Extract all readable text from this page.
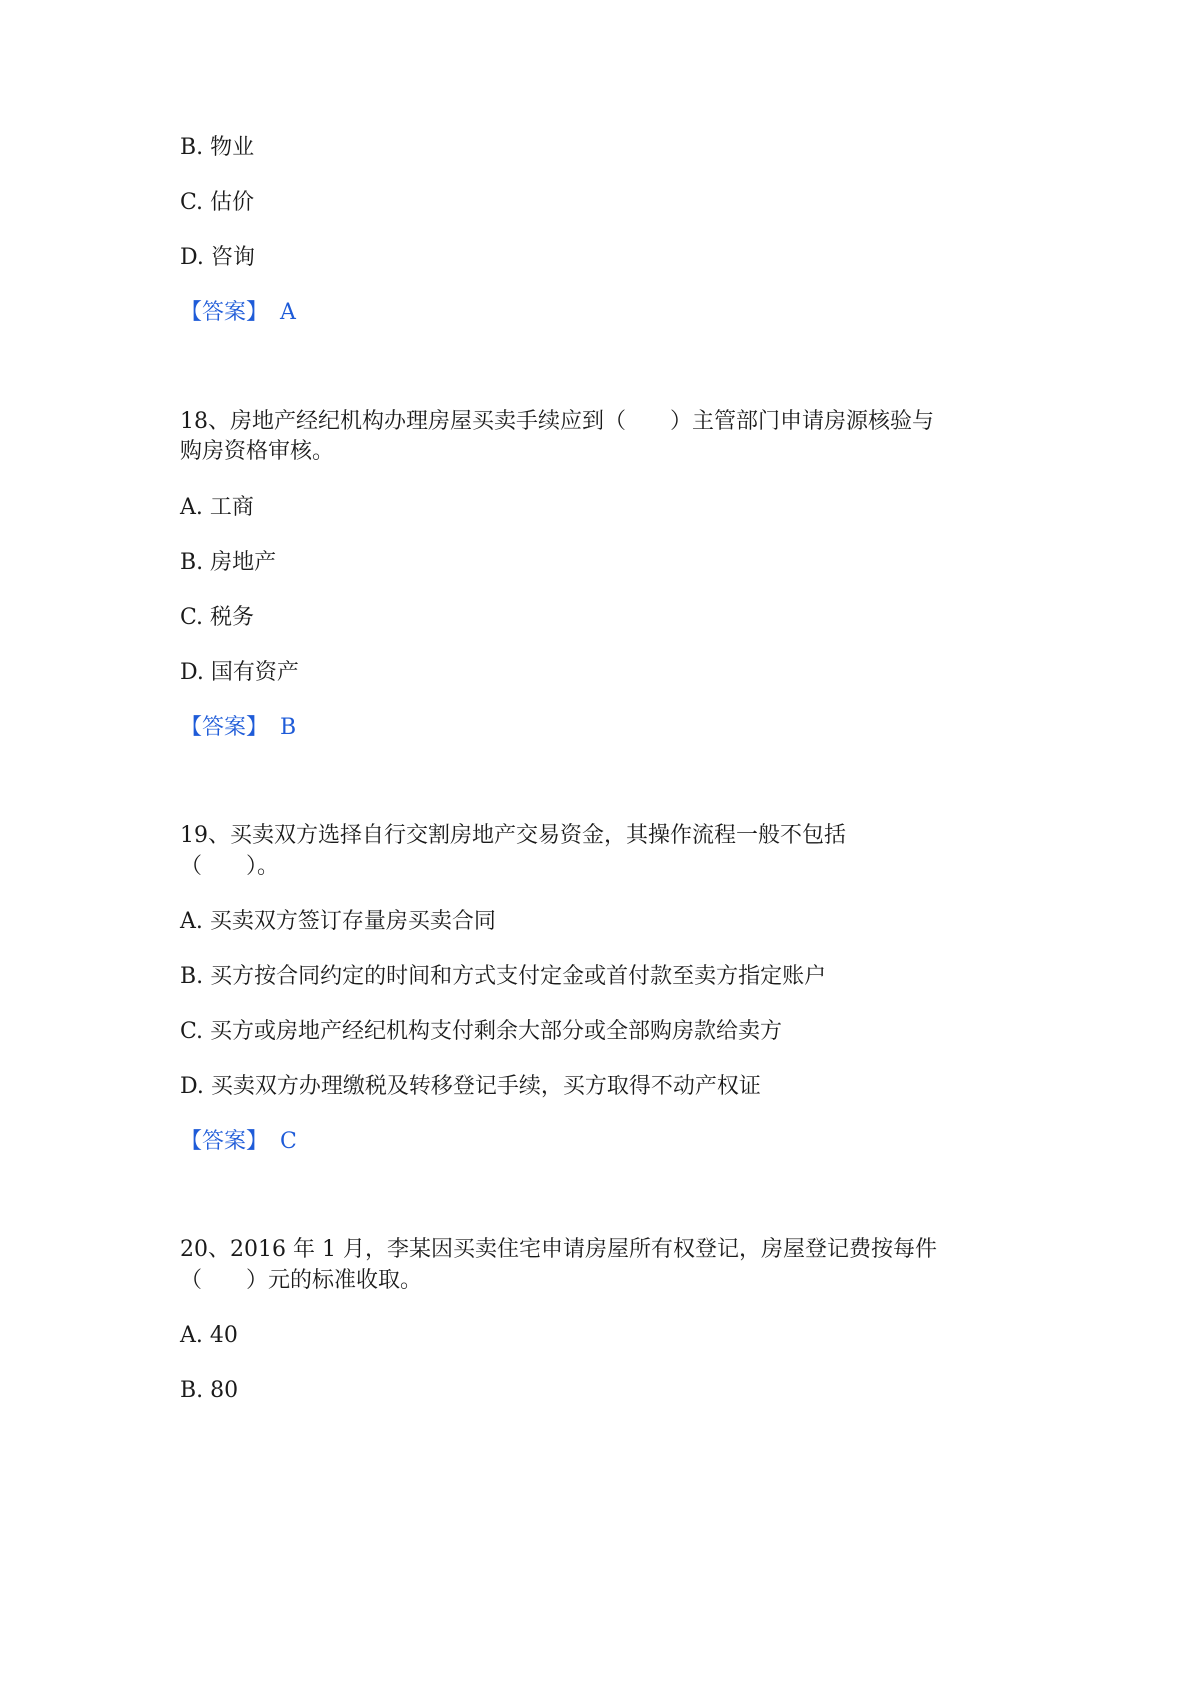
B. 物业

C. 估价

D. 咨询

【答案】 A

18、房地产经纪机构办理房屋买卖手续应到（　　）主管部门申请房源核验与

购房资格审核。

A. 工商

B. 房地产

C. 税务

D. 国有资产

【答案】 B

19、买卖双方选择自行交割房地产交易资金，其操作流程一般不包括

（　　）。

A. 买卖双方签订存量房买卖合同

B. 买方按合同约定的时间和方式支付定金或首付款至卖方指定账户

C. 买方或房地产经纪机构支付剩余大部分或全部购房款给卖方

D. 买卖双方办理缴税及转移登记手续，买方取得不动产权证

【答案】 C

20、2016 年 1 月，李某因买卖住宅申请房屋所有权登记，房屋登记费按每件

（　　）元的标准收取。

A. 40

B. 80
